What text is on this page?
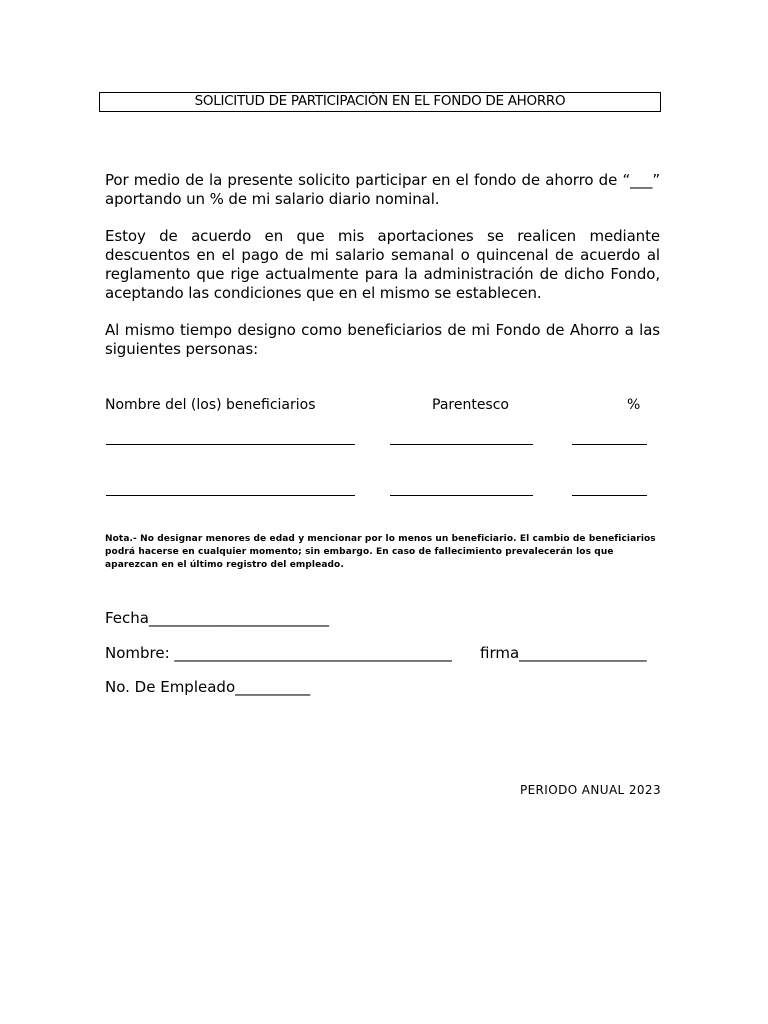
SOLICITUD DE PARTICIPACIÓN EN EL FONDO DE AHORRO

Por medio de la presente solicito participar en el fondo de ahorro de “___” aportando un % de mi salario diario nominal.

Estoy de acuerdo en que mis aportaciones se realicen mediante descuentos en el pago de mi salario semanal o quincenal de acuerdo al reglamento que rige actualmente para la administración de dicho Fondo, aceptando las condiciones que en el mismo se establecen.

Al mismo tiempo designo como beneficiarios de mi Fondo de Ahorro a las siguientes personas:

Nombre del (los) beneficiarios	Parentesco	%

Nota.- No designar menores de edad y mencionar por lo menos un beneficiario. El cambio de beneficiarios podrá hacerse en cualquier momento; sin embargo. En caso de fallecimiento prevalecerán los que aparezcan en el último registro del empleado.

Fecha________________________
Nombre: _____________________________________ firma_________________
No. De Empleado__________
PERIODO ANUAL 2023
